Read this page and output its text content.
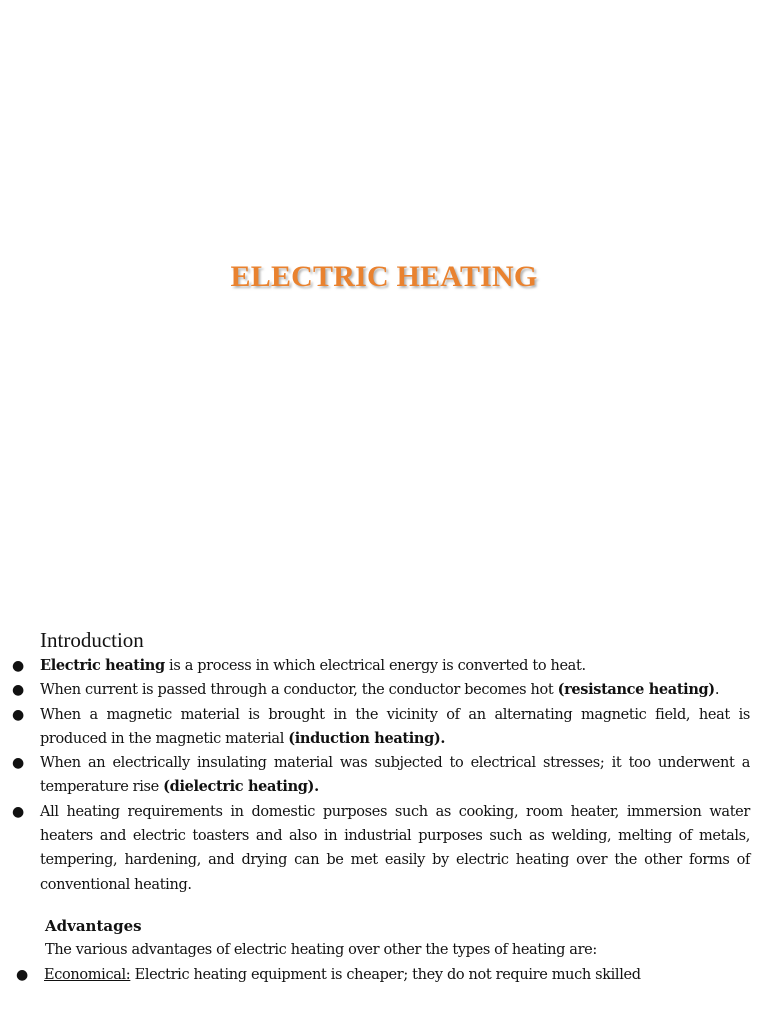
ELECTRIC HEATING
Introduction
● Electric heating is a process in which electrical energy is converted to heat.
● When current is passed through a conductor, the conductor becomes hot (resistance heating).
● When a magnetic material is brought in the vicinity of an alternating magnetic field, heat is produced in the magnetic material (induction heating).
● When an electrically insulating material was subjected to electrical stresses; it too underwent a temperature rise (dielectric heating).
● All heating requirements in domestic purposes such as cooking, room heater, immersion water heaters and electric toasters and also in industrial purposes such as welding, melting of metals, tempering, hardening, and drying can be met easily by electric heating over the other forms of conventional heating.
Advantages
The various advantages of electric heating over other the types of heating are:
● Economical: Electric heating equipment is cheaper; they do not require much skilled
